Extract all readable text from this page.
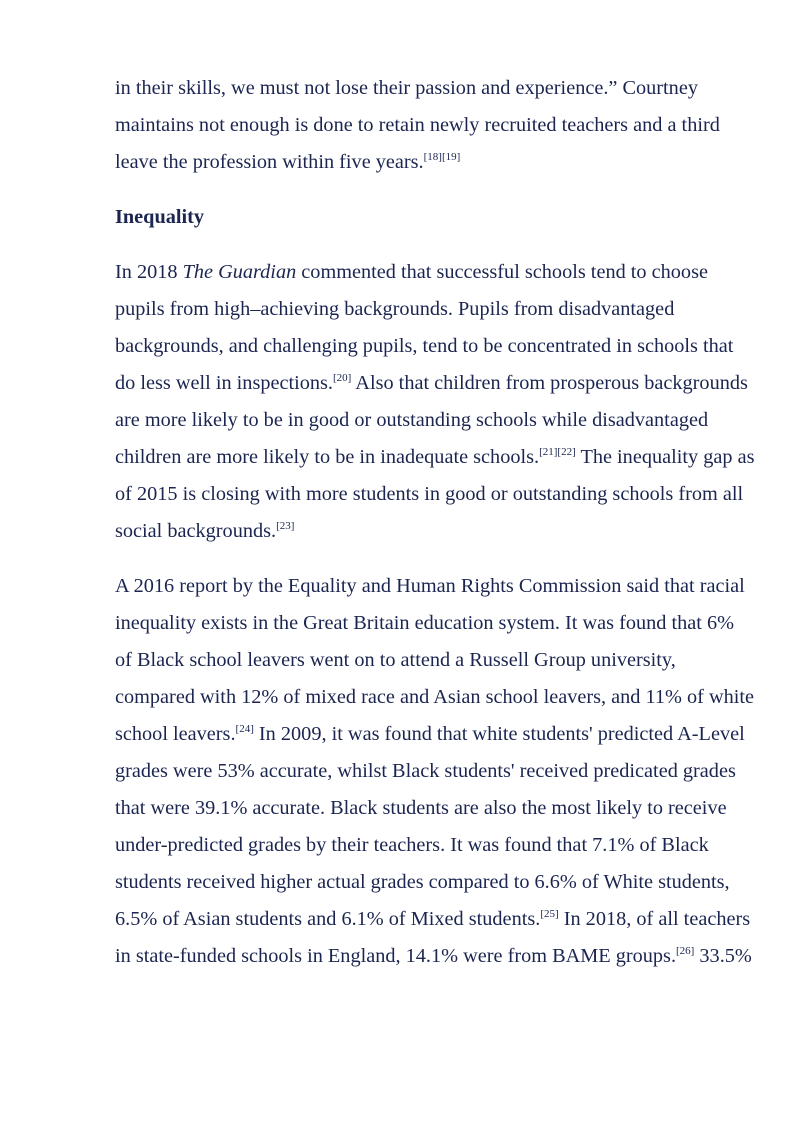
in their skills, we must not lose their passion and experience.” Courtney maintains not enough is done to retain newly recruited teachers and a third leave the profession within five years.[18][19]

Inequality

In 2018 The Guardian commented that successful schools tend to choose pupils from high–achieving backgrounds. Pupils from disadvantaged backgrounds, and challenging pupils, tend to be concentrated in schools that do less well in inspections.[20] Also that children from prosperous backgrounds are more likely to be in good or outstanding schools while disadvantaged children are more likely to be in inadequate schools.[21][22] The inequality gap as of 2015 is closing with more students in good or outstanding schools from all social backgrounds.[23]

A 2016 report by the Equality and Human Rights Commission said that racial inequality exists in the Great Britain education system. It was found that 6% of Black school leavers went on to attend a Russell Group university, compared with 12% of mixed race and Asian school leavers, and 11% of white school leavers.[24] In 2009, it was found that white students' predicted A-Level grades were 53% accurate, whilst Black students' received predicated grades that were 39.1% accurate. Black students are also the most likely to receive under-predicted grades by their teachers. It was found that 7.1% of Black students received higher actual grades compared to 6.6% of White students, 6.5% of Asian students and 6.1% of Mixed students.[25] In 2018, of all teachers in state-funded schools in England, 14.1% were from BAME groups.[26] 33.5%
